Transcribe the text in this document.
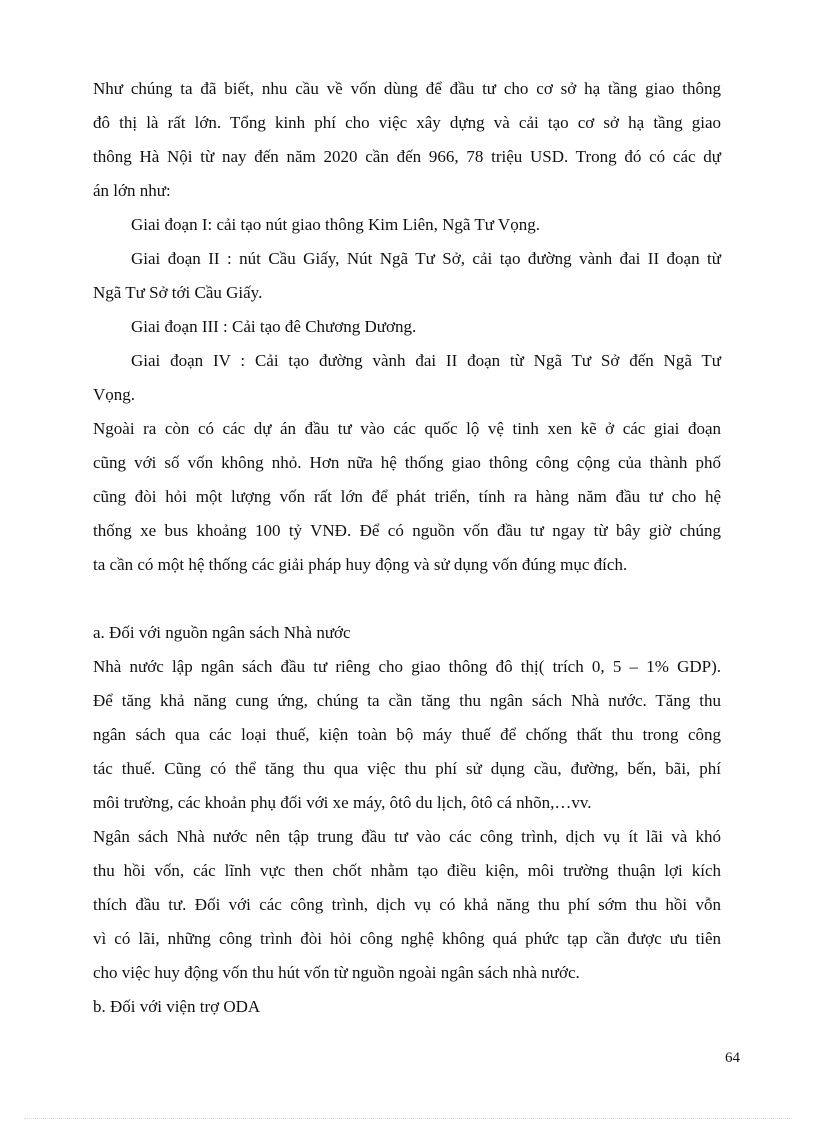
Như chúng ta đã biết, nhu cầu về vốn dùng để đầu tư cho cơ sở hạ tầng giao thông
đô thị là rất lớn. Tổng kinh phí cho việc xây dựng và cải tạo cơ sở hạ tầng giao
thông Hà Nội từ nay đến năm 2020 cần đến 966, 78 triệu USD. Trong đó có các dự
án lớn như:
Giai đoạn I: cải tạo nút giao thông Kim Liên, Ngã Tư Vọng.
Giai đoạn II : nút Cầu Giấy, Nút Ngã Tư Sở, cải tạo đường vành đai II đoạn từ
Ngã Tư Sở tới Cầu Giấy.
Giai đoạn III : Cải tạo đê Chương Dương.
Giai đoạn IV : Cải tạo đường vành đai II đoạn từ Ngã Tư Sở đến Ngã Tư
Vọng.
Ngoài ra còn có các dự án đầu tư vào các quốc lộ vệ tinh xen kẽ ở các giai đoạn
cũng với số vốn không nhỏ. Hơn nữa hệ thống giao thông công cộng của thành phố
cũng đòi hỏi một lượng vốn rất lớn để phát triển, tính ra hàng năm đầu tư cho hệ
thống xe bus khoảng 100 tỷ VNĐ. Để có nguồn vốn đầu tư ngay từ bây giờ chúng
ta cần có một hệ thống các giải pháp huy động và sử dụng vốn đúng mục đích.
a. Đối với nguồn ngân sách Nhà nước
Nhà nước lập ngân sách đầu tư riêng cho giao thông đô thị( trích 0, 5 – 1% GDP).
Để tăng khả năng cung ứng, chúng ta cần tăng thu ngân sách Nhà nước. Tăng thu
ngân sách qua các loại thuế, kiện toàn bộ máy thuế để chống thất thu trong công
tác thuế. Cũng có thể tăng thu qua việc thu phí sử dụng cầu, đường, bến, bãi, phí
môi trường, các khoản phụ đối với xe máy, ôtô du lịch, ôtô cá nhõn,…vv.
Ngân sách Nhà nước nên tập trung đầu tư vào các công trình, dịch vụ ít lãi và khó
thu hồi vốn, các lĩnh vực then chốt nhằm tạo điều kiện, môi trường thuận lợi kích
thích đầu tư. Đối với các công trình, dịch vụ có khả năng thu phí sớm thu hồi vỗn
vì có lãi, những công trình đòi hỏi công nghệ không quá phức tạp cần được ưu tiên
cho việc huy động vốn thu hút vốn từ nguồn ngoài ngân sách nhà nước.
b. Đối với viện trợ ODA
64
